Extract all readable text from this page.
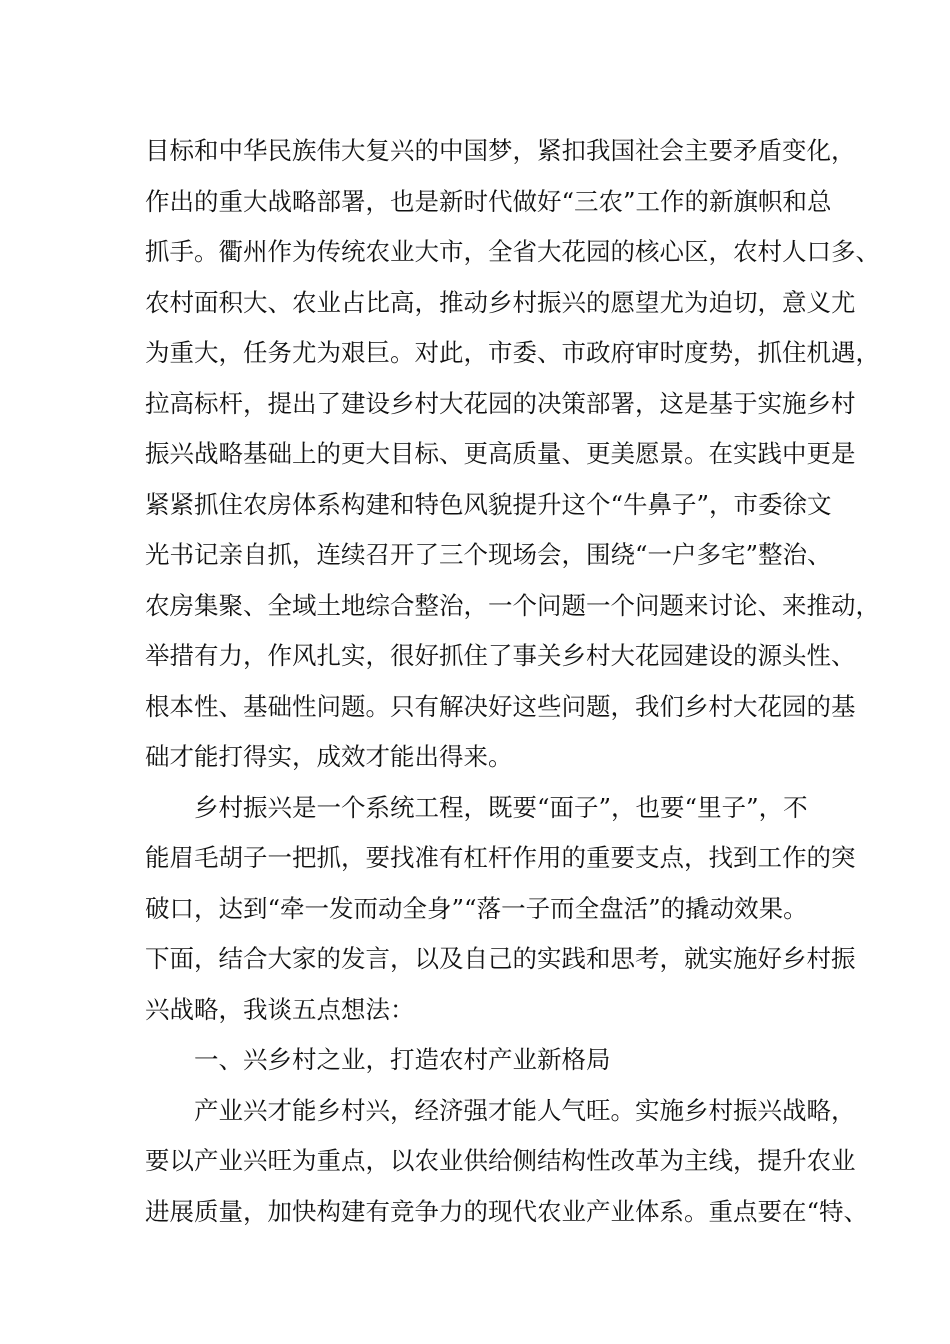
目标和中华民族伟大复兴的中国梦，紧扣我国社会主要矛盾变化，
作出的重大战略部署，也是新时代做好“三农”工作的新旗帜和总
抓手。衢州作为传统农业大市，全省大花园的核心区，农村人口多、
农村面积大、农业占比高，推动乡村振兴的愿望尤为迫切，意义尤
为重大，任务尤为艰巨。对此，市委、市政府审时度势，抓住机遇，
拉高标杆，提出了建设乡村大花园的决策部署，这是基于实施乡村
振兴战略基础上的更大目标、更高质量、更美愿景。在实践中更是
紧紧抓住农房体系构建和特色风貌提升这个“牛鼻子”，市委徐文
光书记亲自抓，连续召开了三个现场会，围绕“一户多宅”整治、
农房集聚、全域土地综合整治，一个问题一个问题来讨论、来推动，
举措有力，作风扎实，很好抓住了事关乡村大花园建设的源头性、
根本性、基础性问题。只有解决好这些问题，我们乡村大花园的基
础才能打得实，成效才能出得来。
乡村振兴是一个系统工程，既要“面子”，也要“里子”，不
能眉毛胡子一把抓，要找准有杠杆作用的重要支点，找到工作的突
破口，达到“牵一发而动全身”“落一子而全盘活”的撬动效果。
下面，结合大家的发言，以及自己的实践和思考，就实施好乡村振
兴战略，我谈五点想法：
一、兴乡村之业，打造农村产业新格局
产业兴才能乡村兴，经济强才能人气旺。实施乡村振兴战略，
要以产业兴旺为重点，以农业供给侧结构性改革为主线，提升农业
进展质量，加快构建有竞争力的现代农业产业体系。重点要在“特、
